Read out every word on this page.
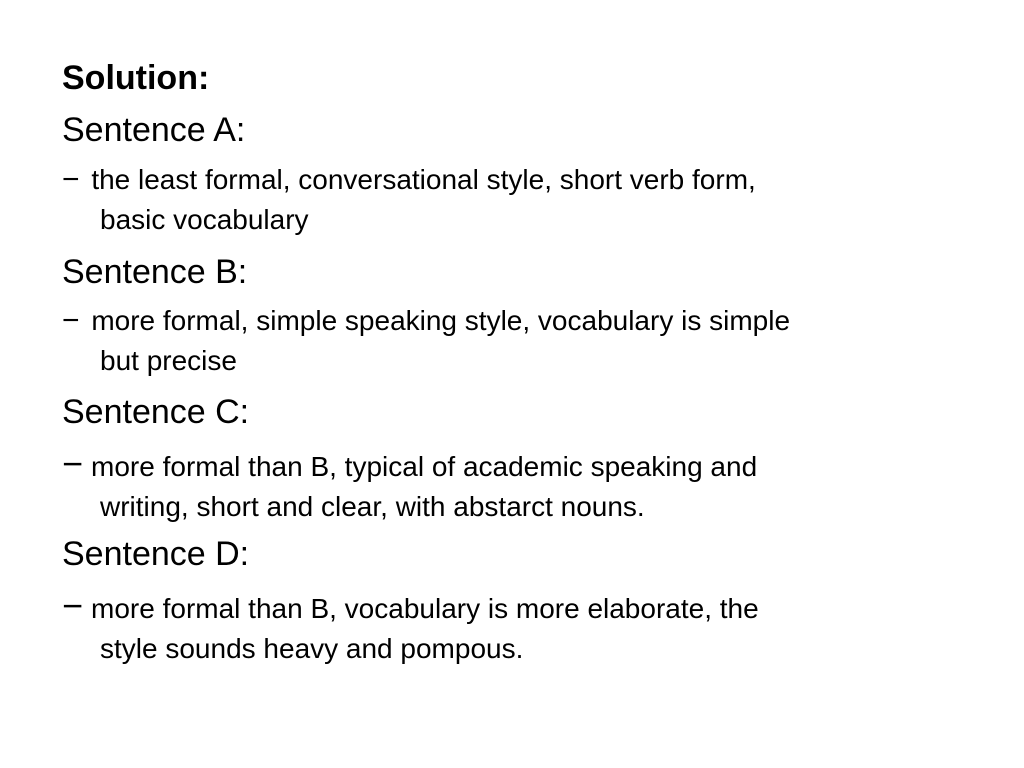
Solution:
Sentence A:
− the least formal, conversational style, short verb form,
basic vocabulary
Sentence B:
− more formal, simple speaking style, vocabulary is simple
but precise
Sentence C:
− more formal than B, typical of academic speaking and
writing, short and clear, with abstarct nouns.
Sentence D:
− more formal than B, vocabulary is more elaborate, the
style sounds heavy and pompous.
